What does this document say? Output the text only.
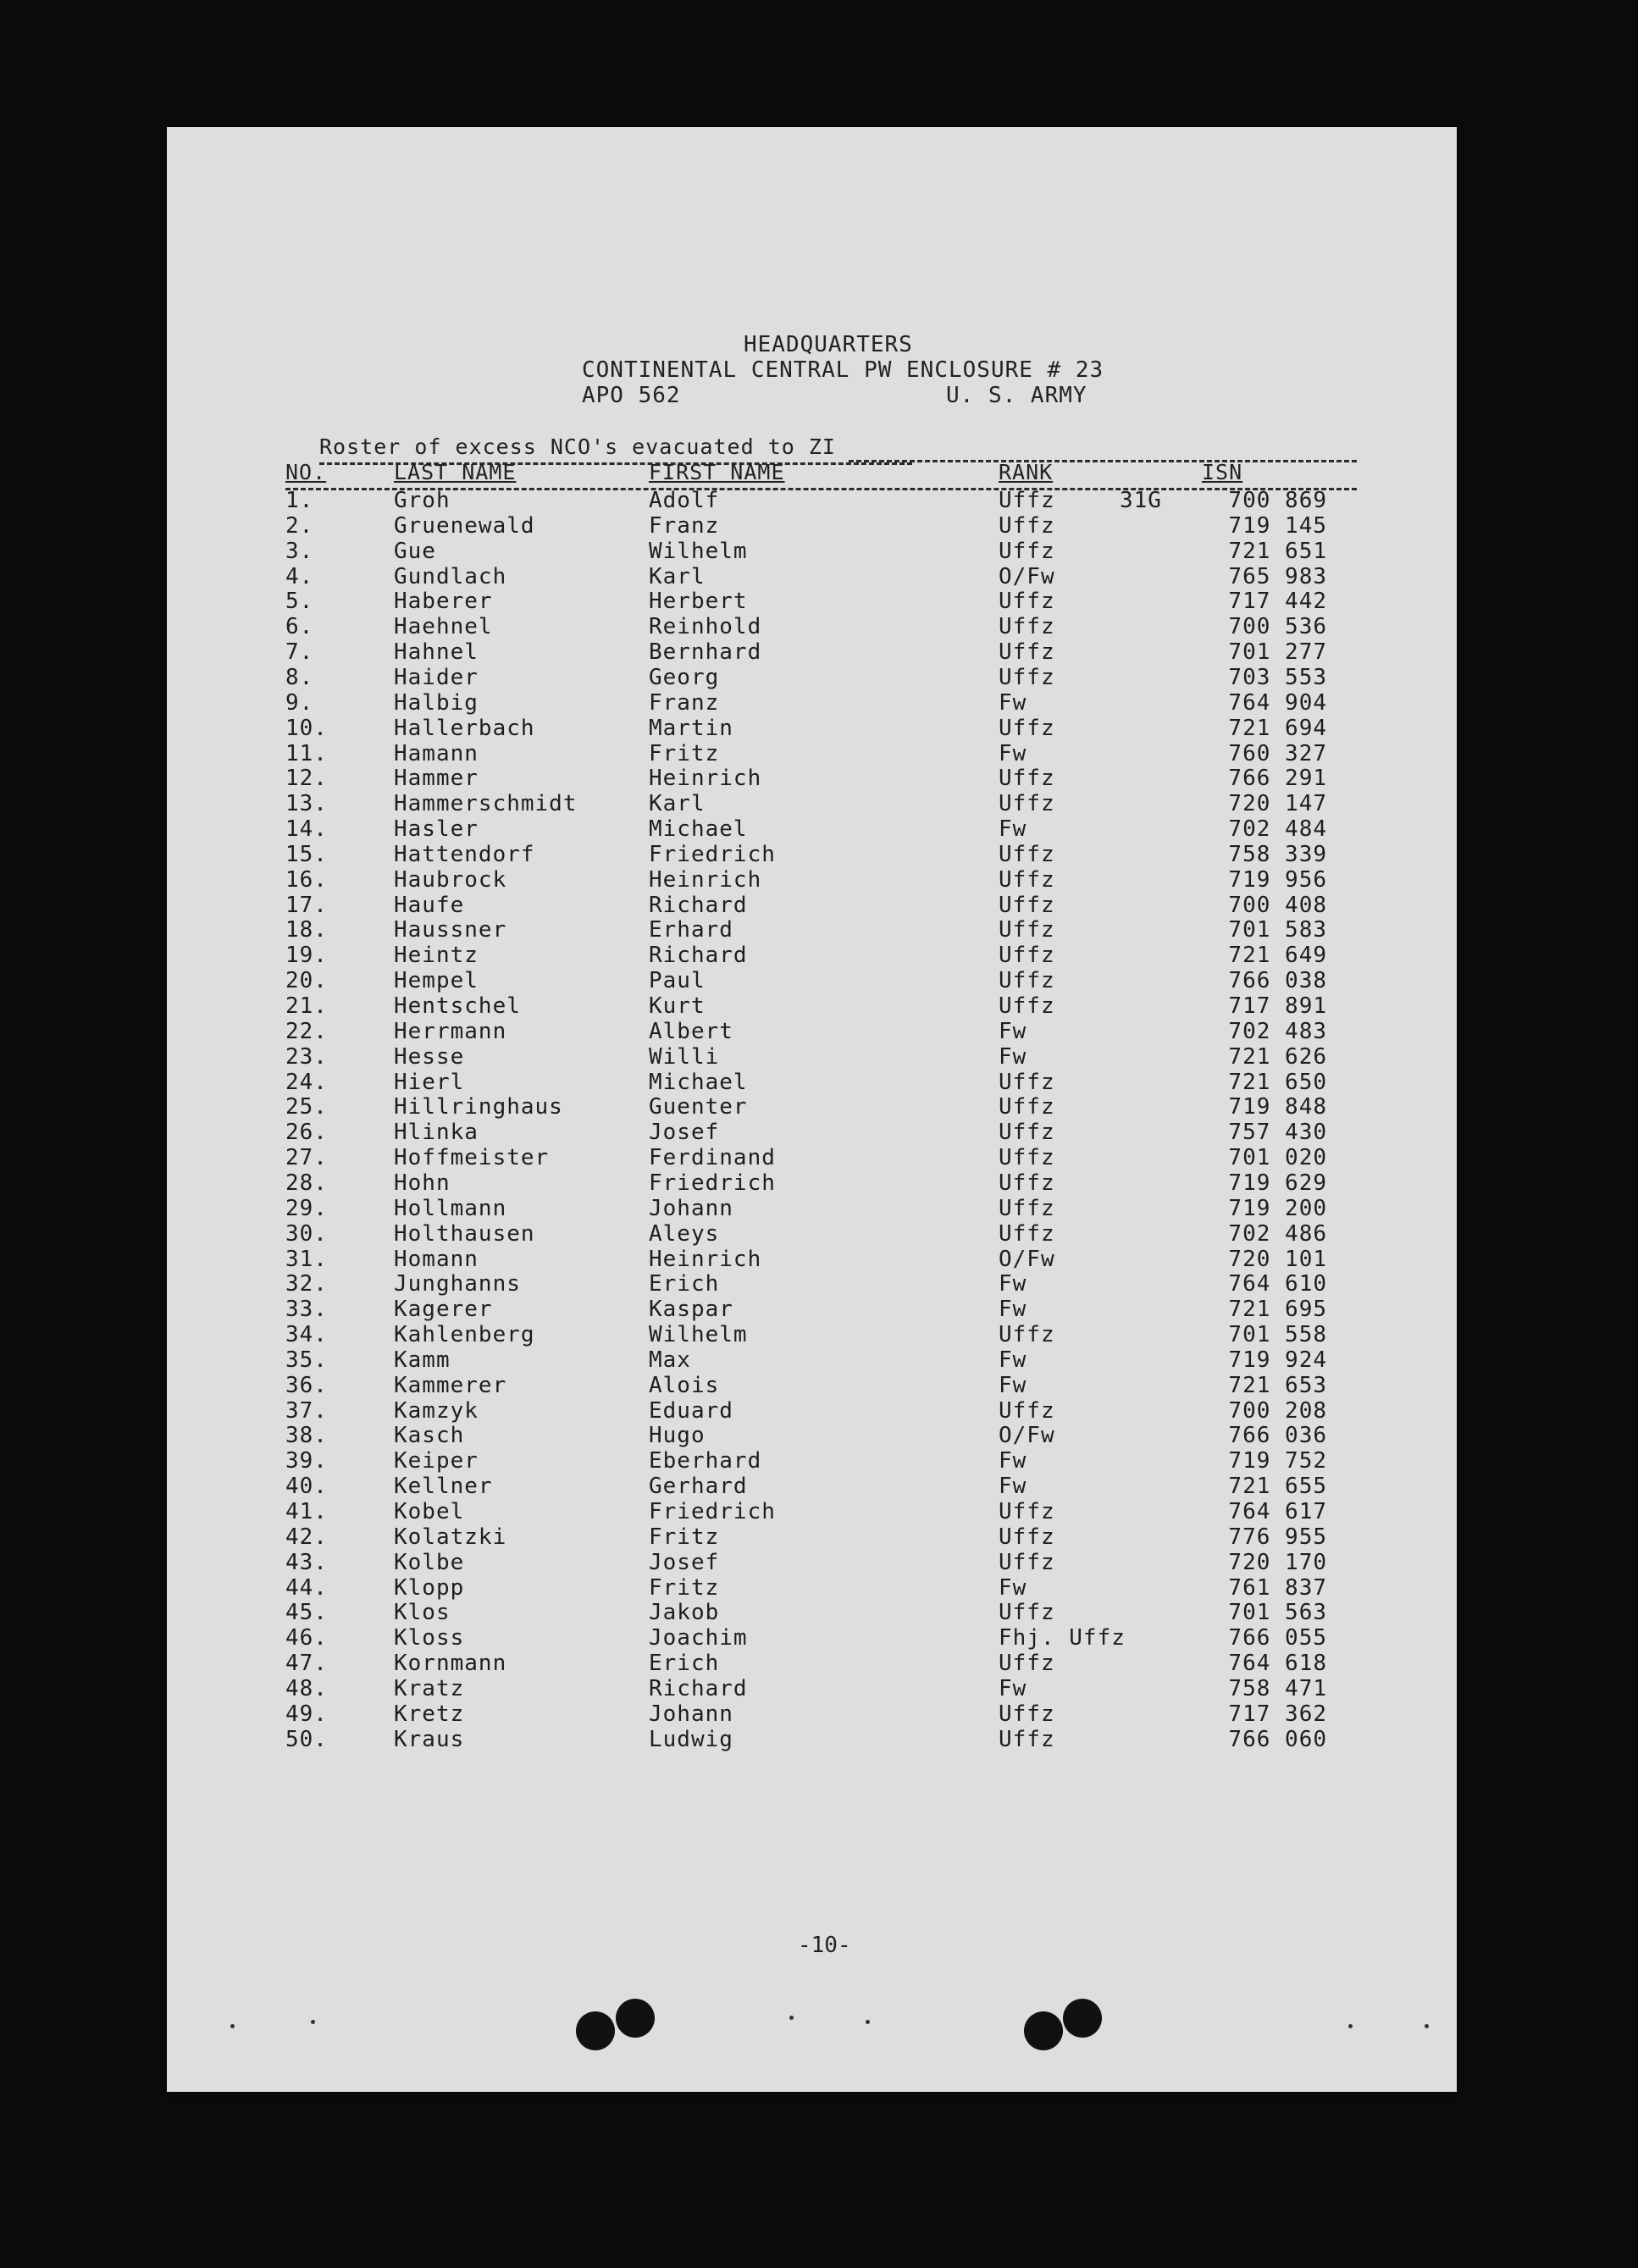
HEADQUARTERS
CONTINENTAL CENTRAL PW ENCLOSURE # 23
APO 562	U. S. ARMY
Roster of excess NCO's evacuated to ZI
NO.	LAST NAME	FIRST NAME	RANK	ISN
1.	Groh	Adolf	Uffz	31G	700 869
2.	Gruenewald	Franz	Uffz	719 145
3.	Gue	Wilhelm	Uffz	721 651
4.	Gundlach	Karl	O/Fw	765 983
5.	Haberer	Herbert	Uffz	717 442
6.	Haehnel	Reinhold	Uffz	700 536
7.	Hahnel	Bernhard	Uffz	701 277
8.	Haider	Georg	Uffz	703 553
9.	Halbig	Franz	Fw	764 904
10.	Hallerbach	Martin	Uffz	721 694
11.	Hamann	Fritz	Fw	760 327
12.	Hammer	Heinrich	Uffz	766 291
13.	Hammerschmidt	Karl	Uffz	720 147
14.	Hasler	Michael	Fw	702 484
15.	Hattendorf	Friedrich	Uffz	758 339
16.	Haubrock	Heinrich	Uffz	719 956
17.	Haufe	Richard	Uffz	700 408
18.	Haussner	Erhard	Uffz	701 583
19.	Heintz	Richard	Uffz	721 649
20.	Hempel	Paul	Uffz	766 038
21.	Hentschel	Kurt	Uffz	717 891
22.	Herrmann	Albert	Fw	702 483
23.	Hesse	Willi	Fw	721 626
24.	Hierl	Michael	Uffz	721 650
25.	Hillringhaus	Guenter	Uffz	719 848
26.	Hlinka	Josef	Uffz	757 430
27.	Hoffmeister	Ferdinand	Uffz	701 020
28.	Hohn	Friedrich	Uffz	719 629
29.	Hollmann	Johann	Uffz	719 200
30.	Holthausen	Aleys	Uffz	702 486
31.	Homann	Heinrich	O/Fw	720 101
32.	Junghanns	Erich	Fw	764 610
33.	Kagerer	Kaspar	Fw	721 695
34.	Kahlenberg	Wilhelm	Uffz	701 558
35.	Kamm	Max	Fw	719 924
36.	Kammerer	Alois	Fw	721 653
37.	Kamzyk	Eduard	Uffz	700 208
38.	Kasch	Hugo	O/Fw	766 036
39.	Keiper	Eberhard	Fw	719 752
40.	Kellner	Gerhard	Fw	721 655
41.	Kobel	Friedrich	Uffz	764 617
42.	Kolatzki	Fritz	Uffz	776 955
43.	Kolbe	Josef	Uffz	720 170
44.	Klopp	Fritz	Fw	761 837
45.	Klos	Jakob	Uffz	701 563
46.	Kloss	Joachim	Fhj. Uffz	766 055
47.	Kornmann	Erich	Uffz	764 618
48.	Kratz	Richard	Fw	758 471
49.	Kretz	Johann	Uffz	717 362
50.	Kraus	Ludwig	Uffz	766 060
-10-
